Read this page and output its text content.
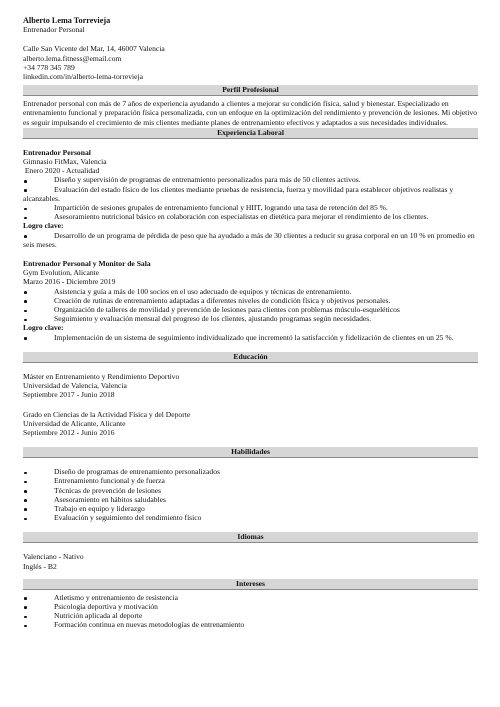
Alberto Lema Torrevieja
Entrenador Personal
Calle San Vicente del Mar, 14, 46007 Valencia
alberto.lema.fitness@email.com
+34 778 345 789
linkedin.com/in/alberto-lema-torrevieja
Perfil Profesional
Entrenador personal con más de 7 años de experiencia ayudando a clientes a mejorar su condición física, salud y bienestar. Especializado en entrenamiento funcional y preparación física personalizada, con un enfoque en la optimización del rendimiento y prevención de lesiones. Mi objetivo es seguir impulsando el crecimiento de mis clientes mediante planes de entrenamiento efectivos y adaptados a sus necesidades individuales.
Experiencia Laboral
Entrenador Personal
Gimnasio FitMax, Valencia
Enero 2020 - Actualidad
Diseño y supervisión de programas de entrenamiento personalizados para más de 50 clientes activos.
Evaluación del estado físico de los clientes mediante pruebas de resistencia, fuerza y movilidad para establecer objetivos realistas y alcanzables.
Impartición de sesiones grupales de entrenamiento funcional y HIIT, logrando una tasa de retención del 85 %.
Asesoramiento nutricional básico en colaboración con especialistas en dietética para mejorar el rendimiento de los clientes.
Logro clave:
Desarrollo de un programa de pérdida de peso que ha ayudado a más de 30 clientes a reducir su grasa corporal en un 10 % en promedio en seis meses.
Entrenador Personal y Monitor de Sala
Gym Evolution, Alicante
Marzo 2016 - Diciembre 2019
Asistencia y guía a más de 100 socios en el uso adecuado de equipos y técnicas de entrenamiento.
Creación de rutinas de entrenamiento adaptadas a diferentes niveles de condición física y objetivos personales.
Organización de talleres de movilidad y prevención de lesiones para clientes con problemas músculo-esqueléticos
Seguimiento y evaluación mensual del progreso de los clientes, ajustando programas según necesidades.
Logro clave:
Implementación de un sistema de seguimiento individualizado que incrementó la satisfacción y fidelización de clientes en un 25 %.
Educación
Máster en Entrenamiento y Rendimiento Deportivo
Universidad de Valencia, Valencia
Septiembre 2017 - Junio 2018
Grado en Ciencias de la Actividad Física y del Deporte
Universidad de Alicante, Alicante
Septiembre 2012 - Junio 2016
Habilidades
Diseño de programas de entrenamiento personalizados
Entrenamiento funcional y de fuerza
Técnicas de prevención de lesiones
Asesoramiento en hábitos saludables
Trabajo en equipo y liderazgo
Evaluación y seguimiento del rendimiento físico
Idiomas
Valenciano - Nativo
Inglés - B2
Intereses
Atletismo y entrenamiento de resistencia
Psicología deportiva y motivación
Nutrición aplicada al deporte
Formación continua en nuevas metodologías de entrenamiento
